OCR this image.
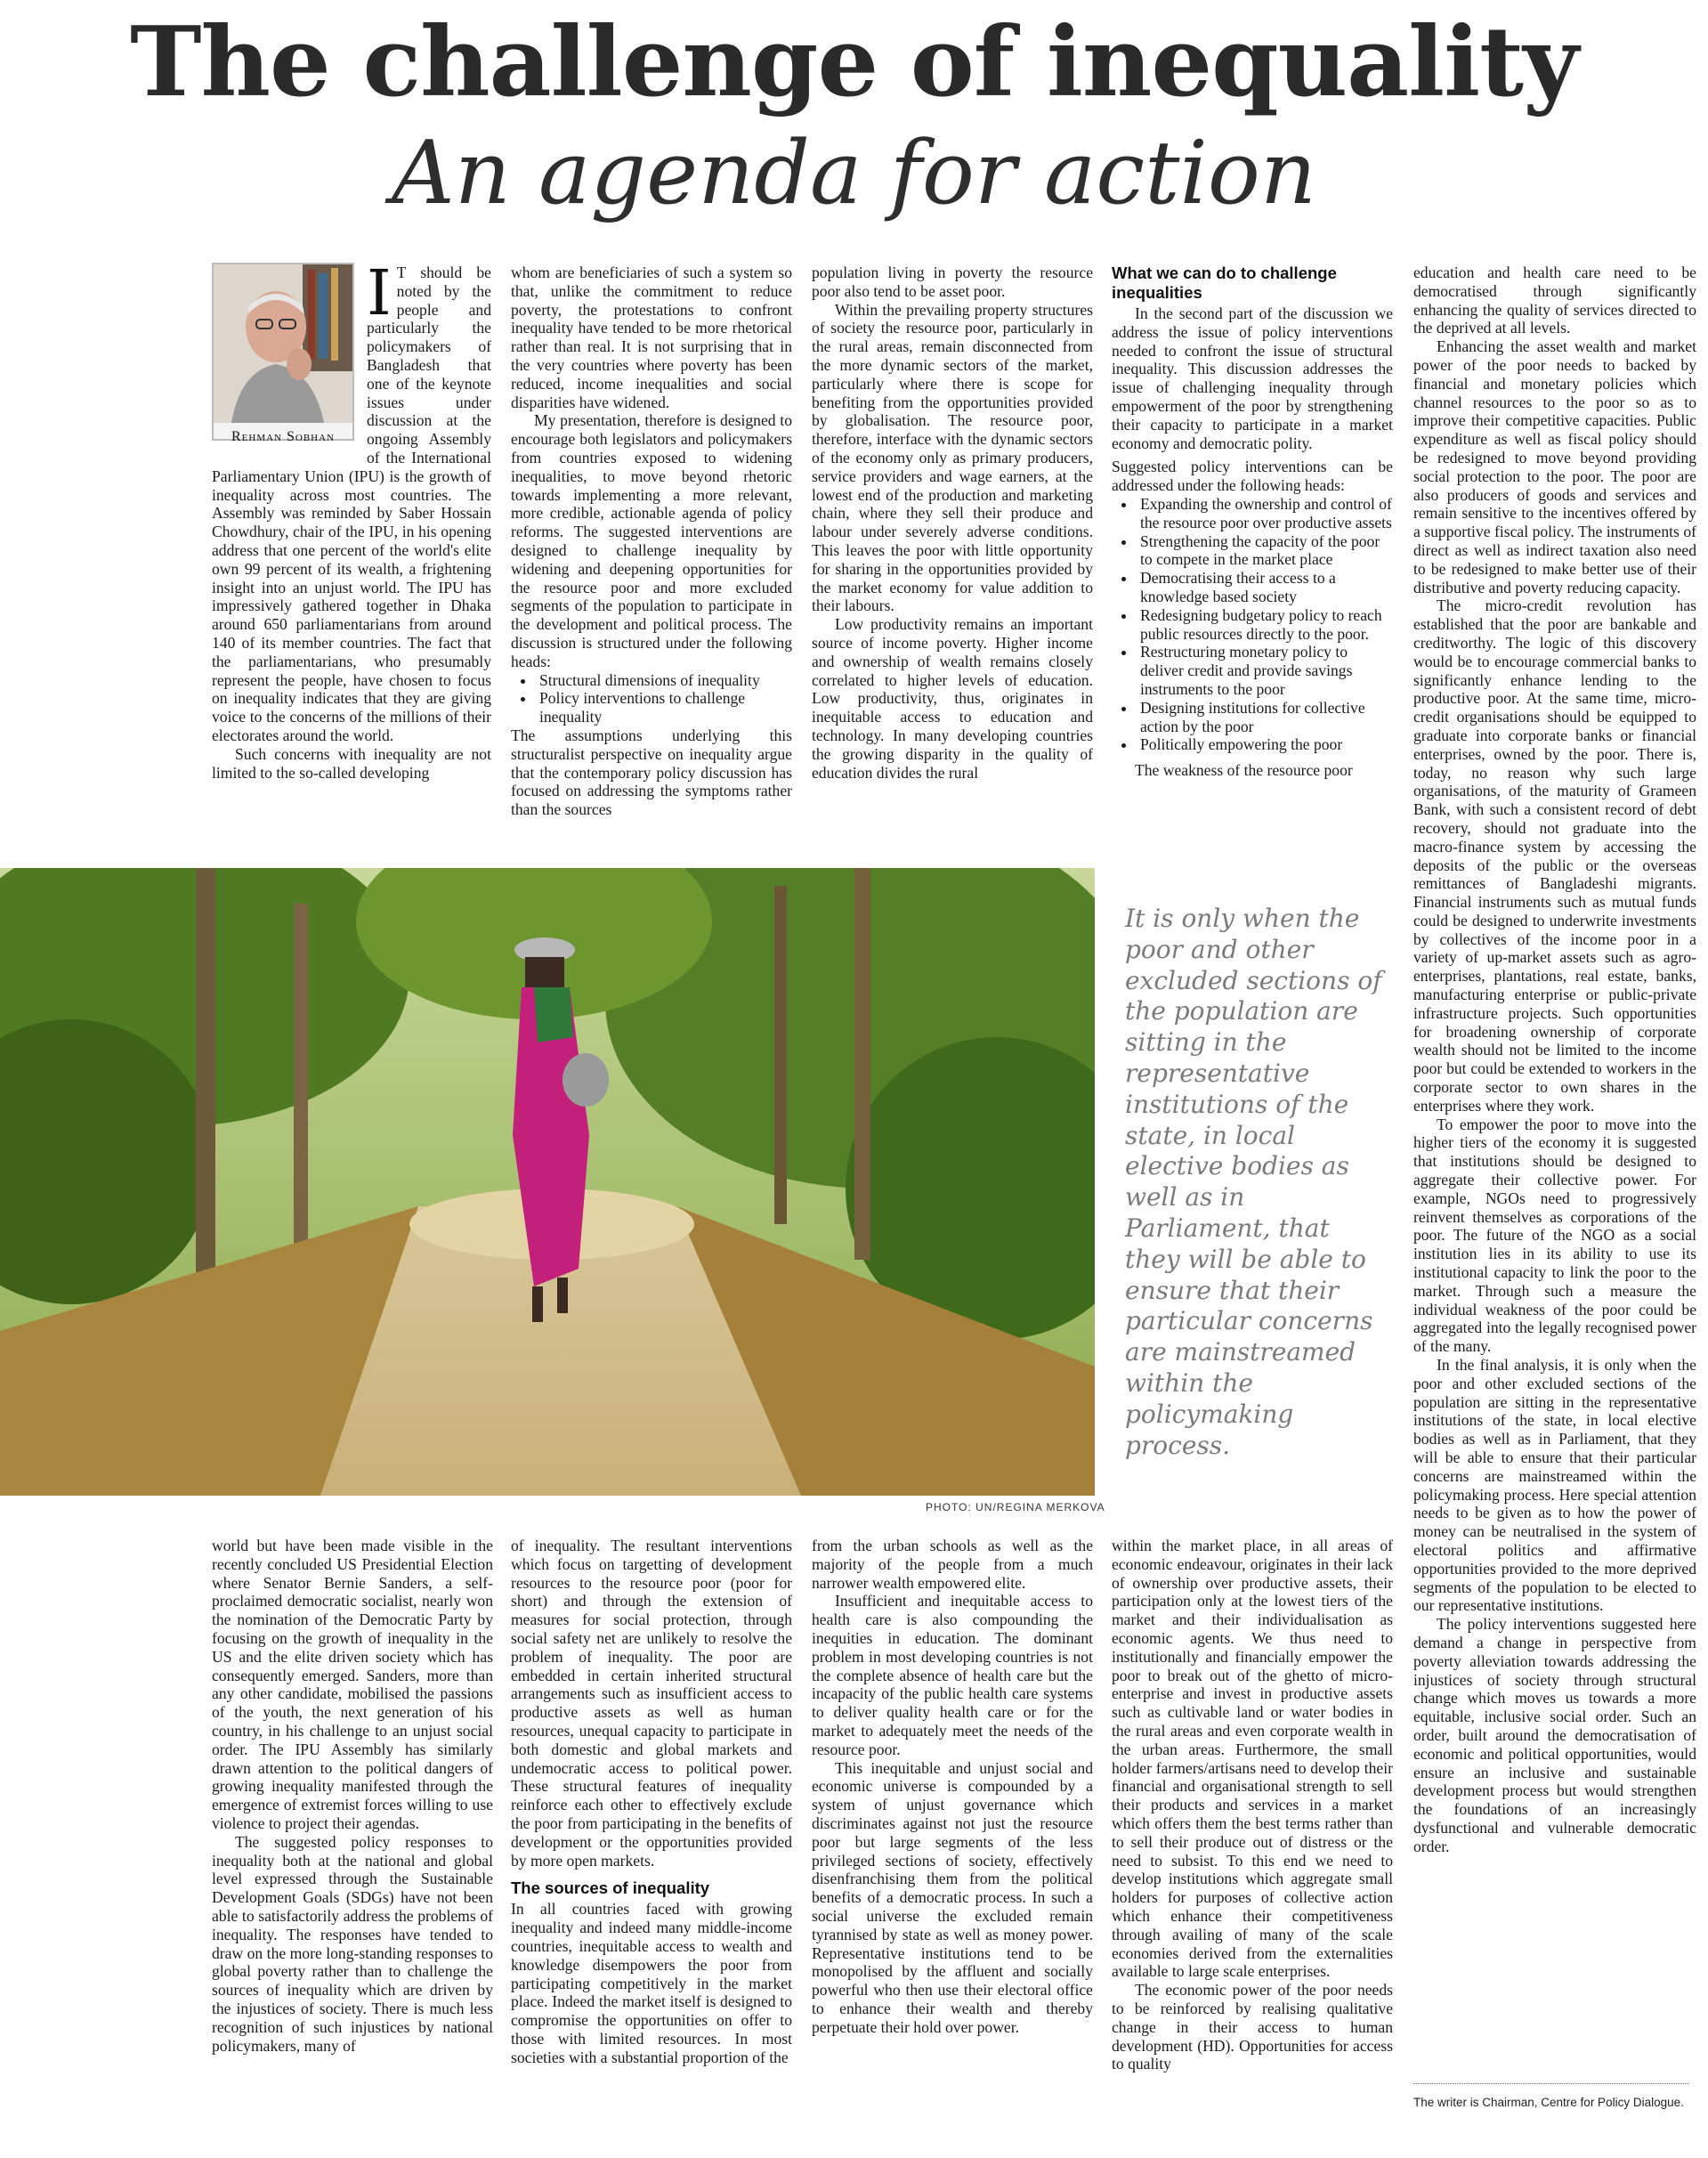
The challenge of inequality
An agenda for action
Rehman Sobhan
I T should be noted by the people and particularly the policymakers of Bangladesh that one of the keynote issues under discussion at the ongoing Assembly of the International Parliamentary Union (IPU) is the growth of inequality across most countries. The Assembly was reminded by Saber Hossain Chowdhury, chair of the IPU, in his opening address that one percent of the world's elite own 99 percent of its wealth, a frightening insight into an unjust world. The IPU has impressively gathered together in Dhaka around 650 parliamentarians from around 140 of its member countries. The fact that the parliamentarians, who presumably represent the people, have chosen to focus on inequality indicates that they are giving voice to the concerns of the millions of their electorates around the world.

Such concerns with inequality are not limited to the so-called developing

whom are beneficiaries of such a system so that, unlike the commitment to reduce poverty, the protestations to confront inequality have tended to be more rhetorical rather than real. It is not surprising that in the very countries where poverty has been reduced, income inequalities and social disparities have widened.

My presentation, therefore is designed to encourage both legislators and policymakers from countries exposed to widening inequalities, to move beyond rhetoric towards implementing a more relevant, more credible, actionable agenda of policy reforms. The suggested interventions are designed to challenge inequality by widening and deepening opportunities for the resource poor and more excluded segments of the population to participate in the development and political process. The discussion is structured under the following heads:

• Structural dimensions of inequality
• Policy interventions to challenge inequality

The assumptions underlying this structuralist perspective on inequality argue that the contemporary policy discussion has focused on addressing the symptoms rather than the sources

population living in poverty the resource poor also tend to be asset poor.

Within the prevailing property structures of society the resource poor, particularly in the rural areas, remain disconnected from the more dynamic sectors of the market, particularly where there is scope for benefiting from the opportunities provided by globalisation. The resource poor, therefore, interface with the dynamic sectors of the economy only as primary producers, service providers and wage earners, at the lowest end of the production and marketing chain, where they sell their produce and labour under severely adverse conditions. This leaves the poor with little opportunity for sharing in the opportunities provided by the market economy for value addition to their labours.

Low productivity remains an important source of income poverty. Higher income and ownership of wealth remains closely correlated to higher levels of education. Low productivity, thus, originates in inequitable access to education and technology. In many developing countries the growing disparity in the quality of education divides the rural

What we can do to challenge inequalities

In the second part of the discussion we address the issue of policy interventions needed to confront the issue of structural inequality. This discussion addresses the issue of challenging inequality through empowerment of the poor by strengthening their capacity to participate in a market economy and democratic polity.

Suggested policy interventions can be addressed under the following heads:

• Expanding the ownership and control of the resource poor over productive assets
• Strengthening the capacity of the poor to compete in the market place
• Democratising their access to a knowledge based society
• Redesigning budgetary policy to reach public resources directly to the poor.
• Restructuring monetary policy to deliver credit and provide savings instruments to the poor
• Designing institutions for collective action by the poor
• Politically empowering the poor

The weakness of the resource poor

education and health care need to be democratised through significantly enhancing the quality of services directed to the deprived at all levels.

Enhancing the asset wealth and market power of the poor needs to backed by financial and monetary policies which channel resources to the poor so as to improve their competitive capacities. Public expenditure as well as fiscal policy should be redesigned to move beyond providing social protection to the poor. The poor are also producers of goods and services and remain sensitive to the incentives offered by a supportive fiscal policy. The instruments of direct as well as indirect taxation also need to be redesigned to make better use of their distributive and poverty reducing capacity.

The micro-credit revolution has established that the poor are bankable and creditworthy. The logic of this discovery would be to encourage commercial banks to significantly enhance lending to the productive poor. At the same time, micro-credit organisations should be equipped to graduate into corporate banks or financial enterprises, owned by the poor. There is, today, no reason why such large organisations, of the maturity of Grameen Bank, with such a consistent record of debt recovery, should not graduate into the macro-finance system by accessing the deposits of the public or the overseas remittances of Bangladeshi migrants. Financial instruments such as mutual funds could be designed to underwrite investments by collectives of the income poor in a variety of up-market assets such as agro-enterprises, plantations, real estate, banks, manufacturing enterprise or public-private infrastructure projects. Such opportunities for broadening ownership of corporate wealth should not be limited to the income poor but could be extended to workers in the corporate sector to own shares in the enterprises where they work.

To empower the poor to move into the higher tiers of the economy it is suggested that institutions should be designed to aggregate their collective power. For example, NGOs need to progressively reinvent themselves as corporations of the poor. The future of the NGO as a social institution lies in its ability to use its institutional capacity to link the poor to the market. Through such a measure the individual weakness of the poor could be aggregated into the legally recognised power of the many.

In the final analysis, it is only when the poor and other excluded sections of the population are sitting in the representative institutions of the state, in local elective bodies as well as in Parliament, that they will be able to ensure that their particular concerns are mainstreamed within the policymaking process. Here special attention needs to be given as to how the power of money can be neutralised in the system of electoral politics and affirmative opportunities provided to the more deprived segments of the population to be elected to our representative institutions.

The policy interventions suggested here demand a change in perspective from poverty alleviation towards addressing the injustices of society through structural change which moves us towards a more equitable, inclusive social order. Such an order, built around the democratisation of economic and political opportunities, would ensure an inclusive and sustainable development process but would strengthen the foundations of an increasingly dysfunctional and vulnerable democratic order.

PHOTO: UN/REGINA MERKOVA
It is only when the poor and other excluded sections of the population are sitting in the representative institutions of the state, in local elective bodies as well as in Parliament, that they will be able to ensure that their particular concerns are mainstreamed within the policymaking process.

world but have been made visible in the recently concluded US Presidential Election where Senator Bernie Sanders, a self-proclaimed democratic socialist, nearly won the nomination of the Democratic Party by focusing on the growth of inequality in the US and the elite driven society which has consequently emerged. Sanders, more than any other candidate, mobilised the passions of the youth, the next generation of his country, in his challenge to an unjust social order. The IPU Assembly has similarly drawn attention to the political dangers of growing inequality manifested through the emergence of extremist forces willing to use violence to project their agendas.

The suggested policy responses to inequality both at the national and global level expressed through the Sustainable Development Goals (SDGs) have not been able to satisfactorily address the problems of inequality. The responses have tended to draw on the more long-standing responses to global poverty rather than to challenge the sources of inequality which are driven by the injustices of society. There is much less recognition of such injustices by national policymakers, many of

of inequality. The resultant interventions which focus on targetting of development resources to the resource poor (poor for short) and through the extension of measures for social protection, through social safety net are unlikely to resolve the problem of inequality. The poor are embedded in certain inherited structural arrangements such as insufficient access to productive assets as well as human resources, unequal capacity to participate in both domestic and global markets and undemocratic access to political power. These structural features of inequality reinforce each other to effectively exclude the poor from participating in the benefits of development or the opportunities provided by more open markets.

The sources of inequality

In all countries faced with growing inequality and indeed many middle-income countries, inequitable access to wealth and knowledge disempowers the poor from participating competitively in the market place. Indeed the market itself is designed to compromise the opportunities on offer to those with limited resources. In most societies with a substantial proportion of the

from the urban schools as well as the majority of the people from a much narrower wealth empowered elite.

Insufficient and inequitable access to health care is also compounding the inequities in education. The dominant problem in most developing countries is not the complete absence of health care but the incapacity of the public health care systems to deliver quality health care or for the market to adequately meet the needs of the resource poor.

This inequitable and unjust social and economic universe is compounded by a system of unjust governance which discriminates against not just the resource poor but large segments of the less privileged sections of society, effectively disenfranchising them from the political benefits of a democratic process. In such a social universe the excluded remain tyrannised by state as well as money power. Representative institutions tend to be monopolised by the affluent and socially powerful who then use their electoral office to enhance their wealth and thereby perpetuate their hold over power.

within the market place, in all areas of economic endeavour, originates in their lack of ownership over productive assets, their participation only at the lowest tiers of the market and their individualisation as economic agents. We thus need to institutionally and financially empower the poor to break out of the ghetto of micro-enterprise and invest in productive assets such as cultivable land or water bodies in the rural areas and even corporate wealth in the urban areas. Furthermore, the small holder farmers/artisans need to develop their financial and organisational strength to sell their products and services in a market which offers them the best terms rather than to sell their produce out of distress or the need to subsist. To this end we need to develop institutions which aggregate small holders for purposes of collective action which enhance their competitiveness through availing of many of the scale economies derived from the externalities available to large scale enterprises.

The economic power of the poor needs to be reinforced by realising qualitative change in their access to human development (HD). Opportunities for access to quality

The writer is Chairman, Centre for Policy Dialogue.
